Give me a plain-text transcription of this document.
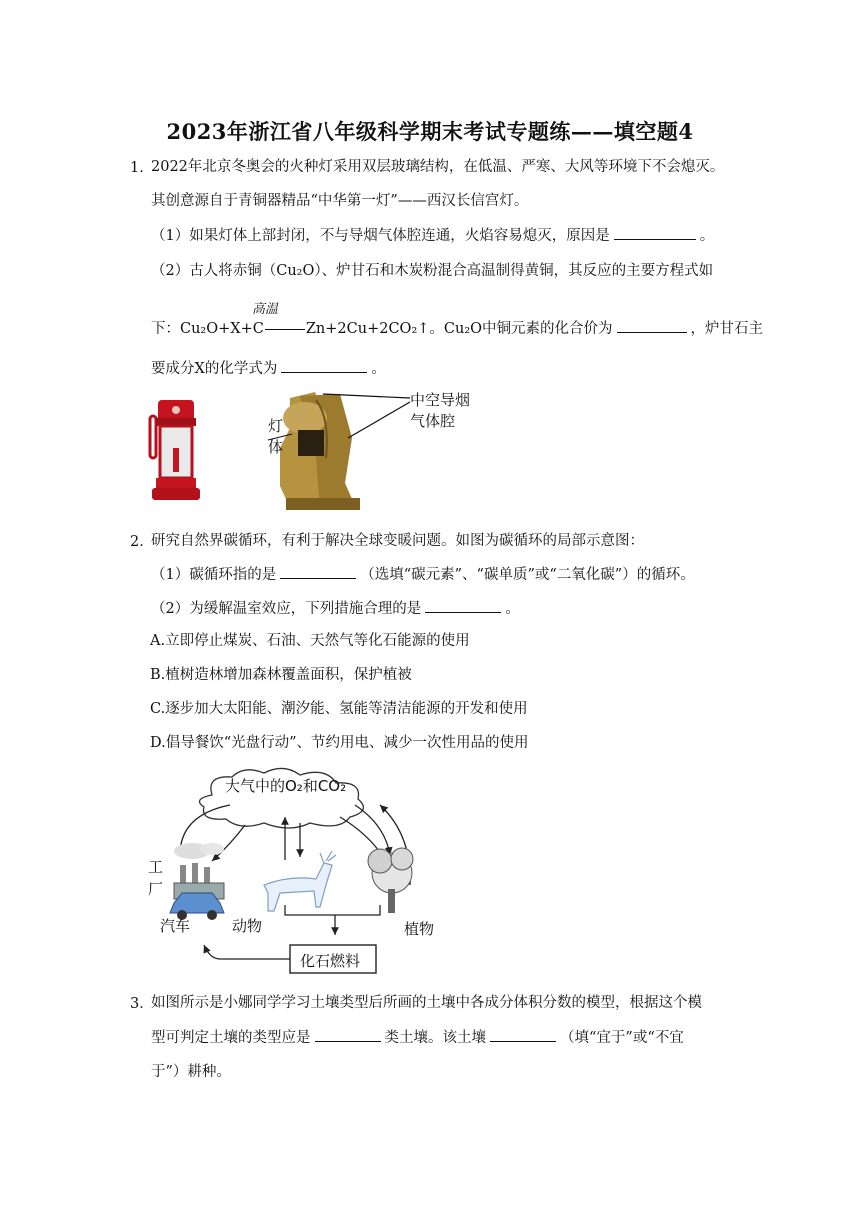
2023年浙江省八年级科学期末考试专题练——填空题4
1．
2022年北京冬奥会的火种灯采用双层玻璃结构，在低温、严寒、大风等环境下不会熄灭。
其创意源自于青铜器精品“中华第一灯”——西汉长信宫灯。
（1）如果灯体上部封闭，不与导烟气体腔连通，火焰容易熄灭，原因是	。
（2）古人将赤铜（Cu₂O）、炉甘石和木炭粉混合高温制得黄铜，其反应的主要方程式如
高温
下：Cu₂O+X+C	Zn+2Cu+2CO₂↑。Cu₂O中铜元素的化合价为	，炉甘石主
要成分X的化学式为	。
灯
体
中空导烟
气体腔
2．
研究自然界碳循环，有利于解决全球变暖问题。如图为碳循环的局部示意图：
（1）碳循环指的是	（选填“碳元素”、“碳单质”或“二氧化碳”）的循环。
（2）为缓解温室效应，下列措施合理的是	。
A.立即停止煤炭、石油、天然气等化石能源的使用
B.植树造林增加森林覆盖面积，保护植被
C.逐步加大太阳能、潮汐能、氢能等清洁能源的开发和使用
D.倡导餐饮“光盘行动”、节约用电、减少一次性用品的使用
大气中的O₂和CO₂
工
厂
汽车	动物	植物
化石燃料
3．
如图所示是小娜同学学习土壤类型后所画的土壤中各成分体积分数的模型，根据这个模
型可判定土壤的类型应是	类土壤。该土壤	（填“宜于”或“不宜
于”）耕种。
